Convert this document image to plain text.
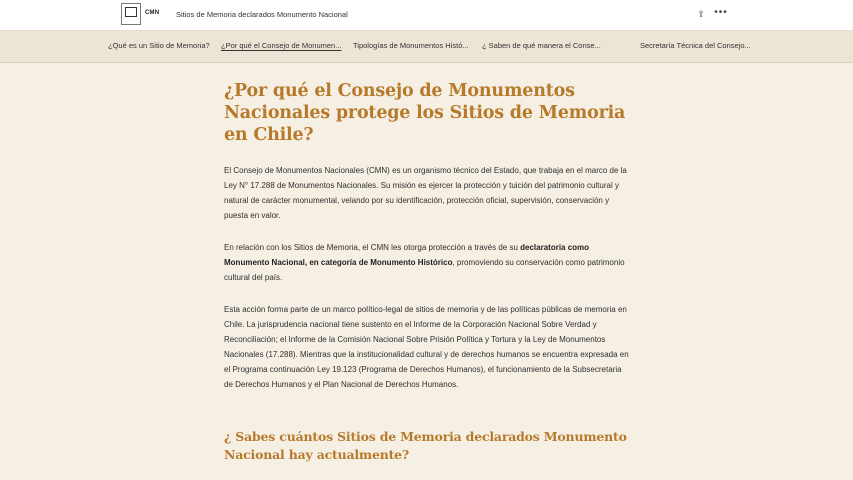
CMN Sitios de Memoria declarados Monumento Nacional	⇪ •••
¿Qué es un Sitio de Memoria? ¿Por qué el Consejo de Monumen... Tipologías de Monumentos Histó... ¿ Saben de qué manera el Conse...	Secretaría Técnica del Consejo...
¿Por qué el Consejo de Monumentos Nacionales protege los Sitios de Memoria en Chile?

El Consejo de Monumentos Nacionales (CMN) es un organismo técnico del Estado, que trabaja en el marco de la Ley N° 17.288 de Monumentos Nacionales. Su misión es ejercer la protección y tuición del patrimonio cultural y natural de carácter monumental, velando por su identificación, protección oficial, supervisión, conservación y puesta en valor.

En relación con los Sitios de Memoria, el CMN les otorga protección a través de su declaratoria como Monumento Nacional, en categoría de Monumento Histórico, promoviendo su conservación como patrimonio cultural del país.

Esta acción forma parte de un marco político-legal de sitios de memoria y de las políticas públicas de memoria en Chile. La jurisprudencia nacional tiene sustento en el Informe de la Corporación Nacional Sobre Verdad y Reconciliación; el Informe de la Comisión Nacional Sobre Prisión Política y Tortura y la Ley de Monumentos Nacionales (17.288). Mientras que la institucionalidad cultural y de derechos humanos se encuentra expresada en el Programa continuación Ley 19.123 (Programa de Derechos Humanos), el funcionamiento de la Subsecretaria de Derechos Humanos y el Plan Nacional de Derechos Humanos.

¿ Sabes cuántos Sitios de Memoria declarados Monumento Nacional hay actualmente?
